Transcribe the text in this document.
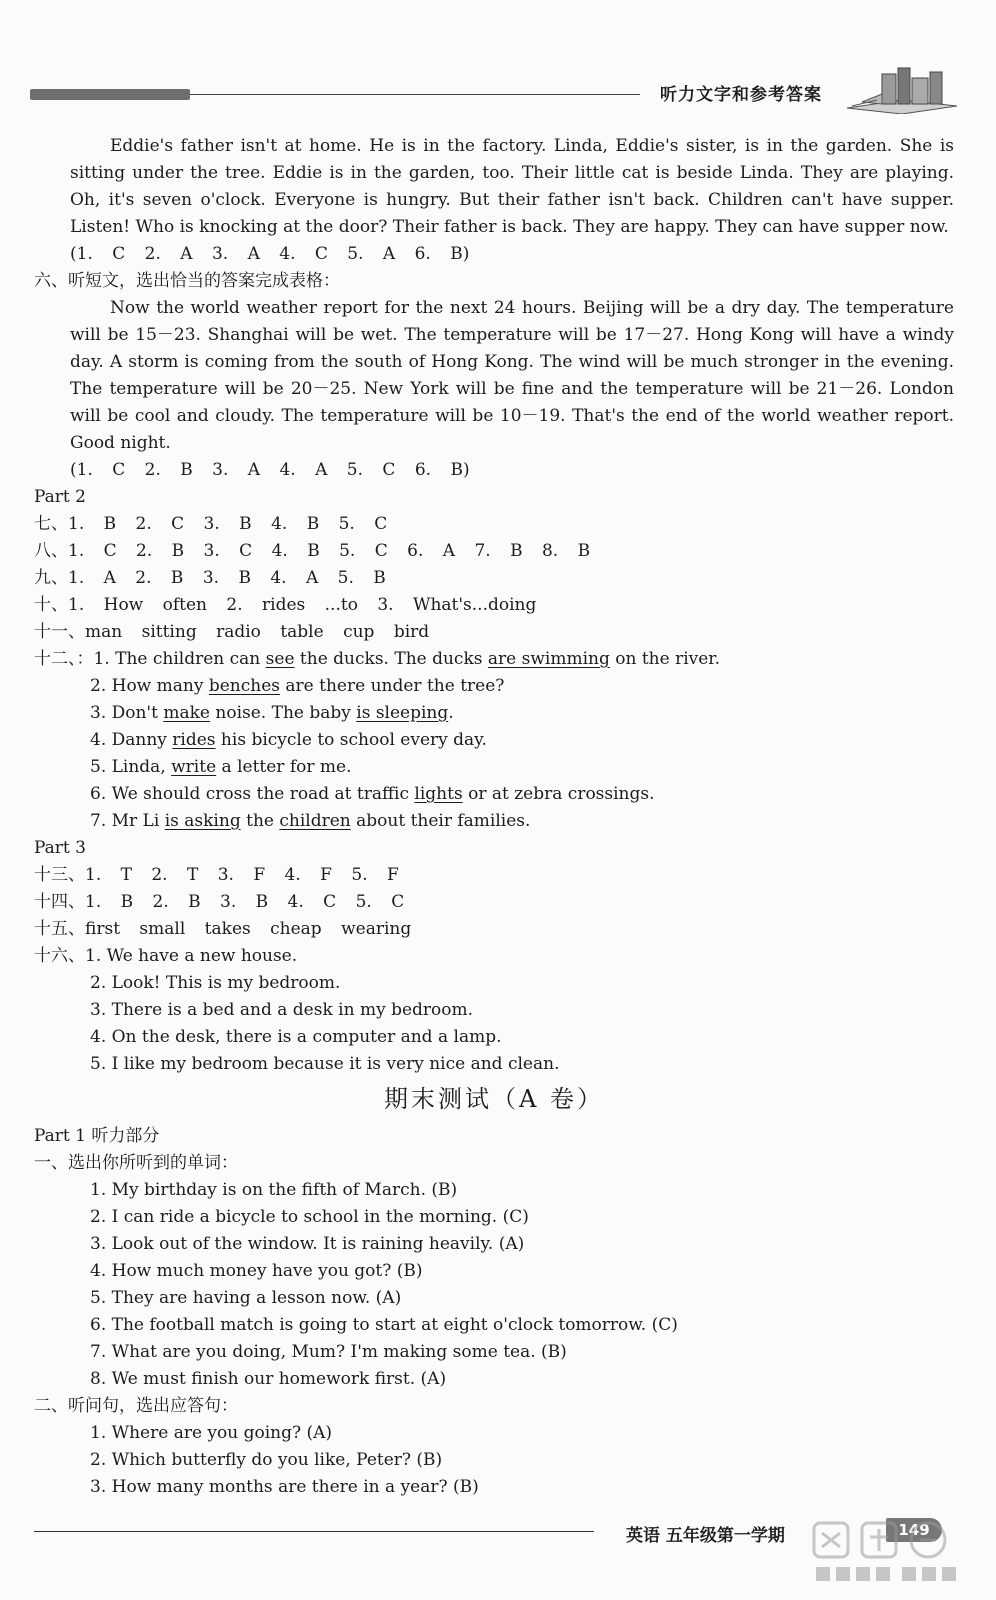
听力文字和参考答案

Eddie's father isn't at home. He is in the factory. Linda, Eddie's sister, is in the garden. She is sitting under the tree. Eddie is in the garden, too. Their little cat is beside Linda. They are playing. Oh, it's seven o'clock. Everyone is hungry. But their father isn't back. Children can't have supper. Listen! Who is knocking at the door? Their father is back. They are happy. They can have supper now.

(1. C 2. A 3. A 4. C 5. A 6. B)

六、听短文，选出恰当的答案完成表格：

Now the world weather report for the next 24 hours. Beijing will be a dry day. The temperature will be 15－23. Shanghai will be wet. The temperature will be 17－27. Hong Kong will have a windy day. A storm is coming from the south of Hong Kong. The wind will be much stronger in the evening. The temperature will be 20－25. New York will be fine and the temperature will be 21－26. London will be cool and cloudy. The temperature will be 10－19. That's the end of the world weather report. Good night.

(1. C 2. B 3. A 4. A 5. C 6. B)

Part 2

七、1. B 2. C 3. B 4. B 5. C

八、1. C 2. B 3. C 4. B 5. C 6. A 7. B 8. B

九、1. A 2. B 3. B 4. A 5. B

十、1. How often 2. rides ...to 3. What's...doing

十一、man sitting radio table cup bird

十二、：1. The children can see the ducks. The ducks are swimming on the river.

2. How many benches are there under the tree?

3. Don't make noise. The baby is sleeping.

4. Danny rides his bicycle to school every day.

5. Linda, write a letter for me.

6. We should cross the road at traffic lights or at zebra crossings.

7. Mr Li is asking the children about their families.

Part 3

十三、1. T 2. T 3. F 4. F 5. F

十四、1. B 2. B 3. B 4. C 5. C

十五、first small takes cheap wearing

十六、1. We have a new house.

2. Look! This is my bedroom.

3. There is a bed and a desk in my bedroom.

4. On the desk, there is a computer and a lamp.

5. I like my bedroom because it is very nice and clean.

期末测试（A 卷）

Part 1 听力部分

一、选出你所听到的单词：

1. My birthday is on the fifth of March. (B)

2. I can ride a bicycle to school in the morning. (C)

3. Look out of the window. It is raining heavily. (A)

4. How much money have you got? (B)

5. They are having a lesson now. (A)

6. The football match is going to start at eight o'clock tomorrow. (C)

7. What are you doing, Mum? I'm making some tea. (B)

8. We must finish our homework first. (A)

二、听问句，选出应答句：

1. Where are you going? (A)

2. Which butterfly do you like, Peter? (B)

3. How many months are there in a year? (B)

英语 五年级第一学期	149
